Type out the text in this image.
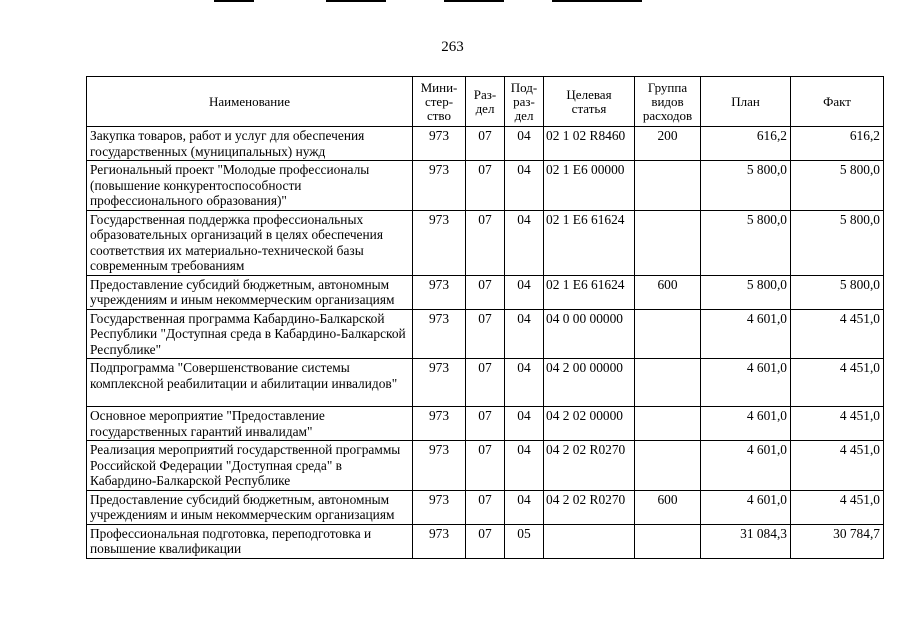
263
Наименование	Мини-
стер-
ство	Раз-
дел	Под-
раз-
дел	Целевая
статья	Группа
видов
расходов	План	Факт
Закупка товаров, работ и услуг для обеспечения государственных (муниципальных) нужд	973	07	04	02 1 02 R8460	200	616,2	616,2
Региональный проект "Молодые профессионалы (повышение конкурентоспособности профессионального образования)"	973	07	04	02 1 E6 00000		5 800,0	5 800,0
Государственная поддержка профессиональных образовательных организаций в целях обеспечения соответствия их материально-технической базы современным требованиям	973	07	04	02 1 E6 61624		5 800,0	5 800,0
Предоставление субсидий бюджетным, автономным учреждениям и иным некоммерческим организациям	973	07	04	02 1 E6 61624	600	5 800,0	5 800,0
Государственная программа Кабардино-Балкарской Республики "Доступная среда в Кабардино-Балкарской Республике"	973	07	04	04 0 00 00000		4 601,0	4 451,0
Подпрограмма "Совершенствование системы комплексной реабилитации и абилитации инвалидов"	973	07	04	04 2 00 00000		4 601,0	4 451,0
Основное мероприятие "Предоставление государственных гарантий инвалидам"	973	07	04	04 2 02 00000		4 601,0	4 451,0
Реализация мероприятий государственной программы Российской Федерации "Доступная среда" в Кабардино-Балкарской Республике	973	07	04	04 2 02 R0270		4 601,0	4 451,0
Предоставление субсидий бюджетным, автономным учреждениям и иным некоммерческим организациям	973	07	04	04 2 02 R0270	600	4 601,0	4 451,0
Профессиональная подготовка, переподготовка и повышение квалификации	973	07	05			31 084,3	30 784,7
